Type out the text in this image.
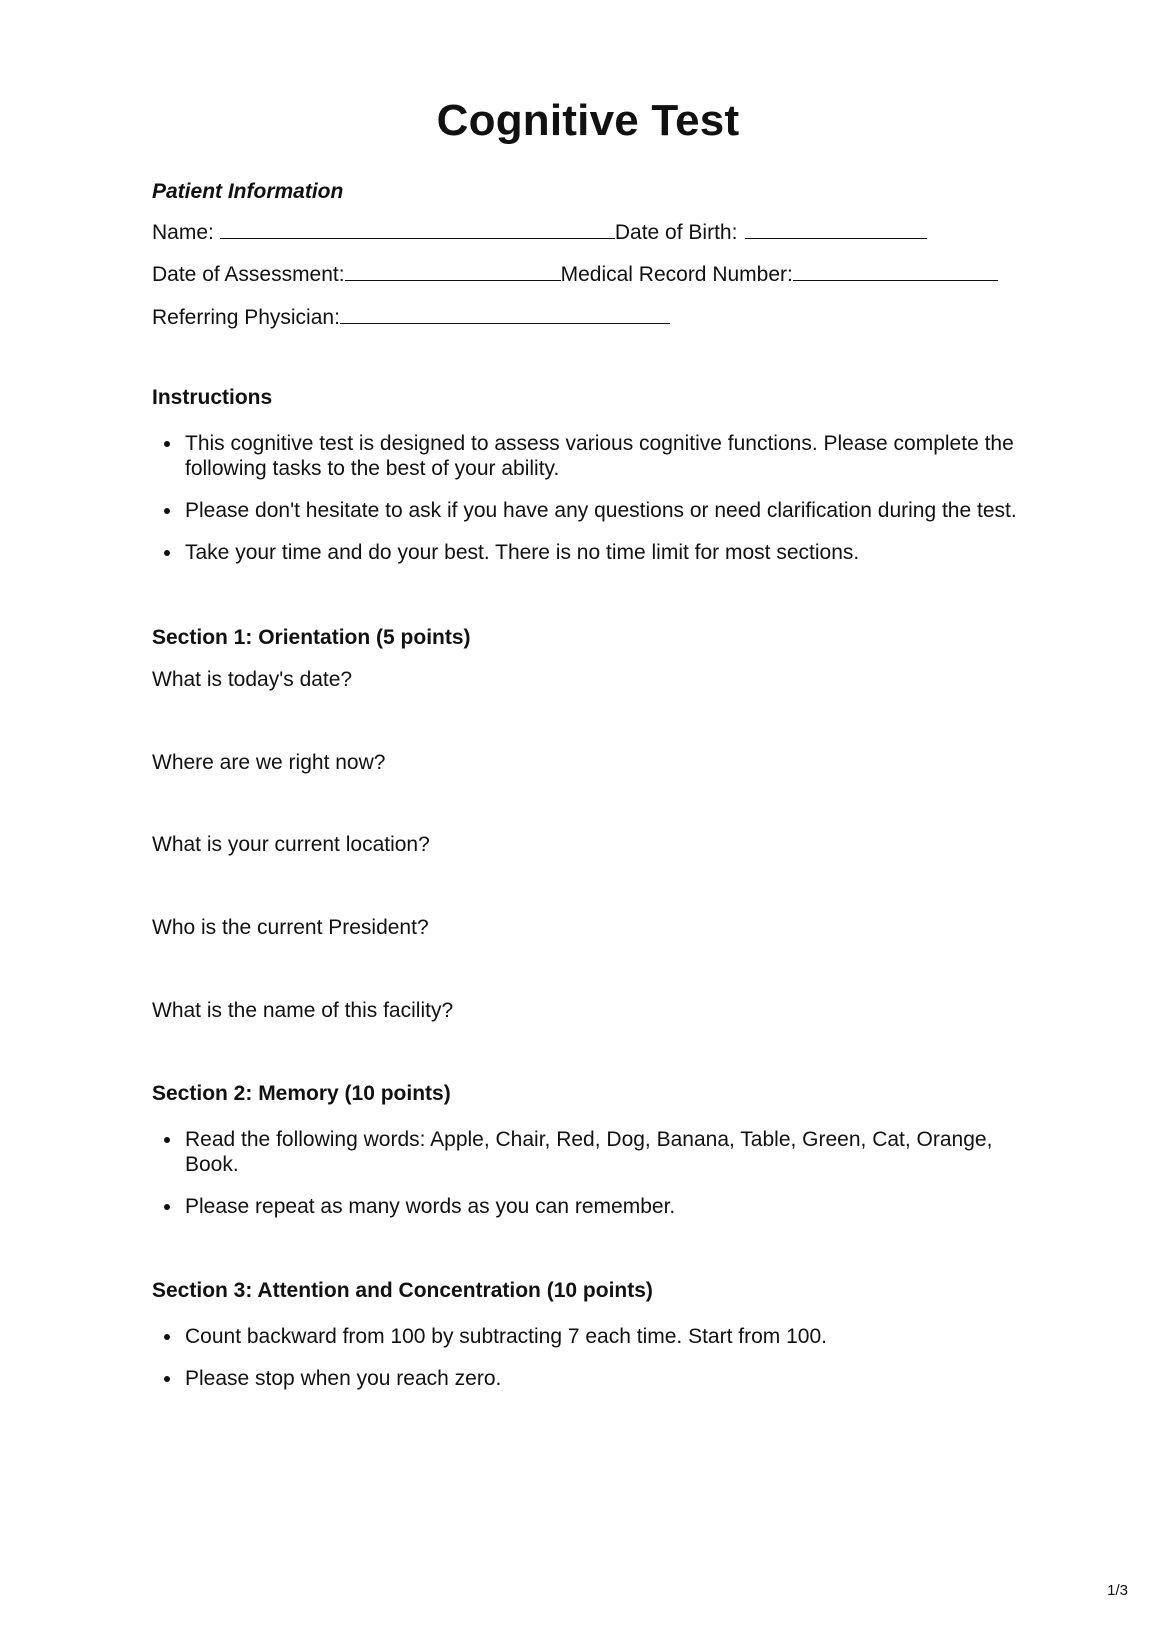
Cognitive Test
Patient Information
Name:	Date of Birth:
Date of Assessment:	Medical Record Number:
Referring Physician:
Instructions
This cognitive test is designed to assess various cognitive functions. Please complete the following tasks to the best of your ability.
Please don't hesitate to ask if you have any questions or need clarification during the test.
Take your time and do your best. There is no time limit for most sections.
Section 1: Orientation (5 points)
What is today's date?
Where are we right now?
What is your current location?
Who is the current President?
What is the name of this facility?
Section 2: Memory (10 points)
Read the following words: Apple, Chair, Red, Dog, Banana, Table, Green, Cat, Orange, Book.
Please repeat as many words as you can remember.
Section 3: Attention and Concentration (10 points)
Count backward from 100 by subtracting 7 each time. Start from 100.
Please stop when you reach zero.
1/3
